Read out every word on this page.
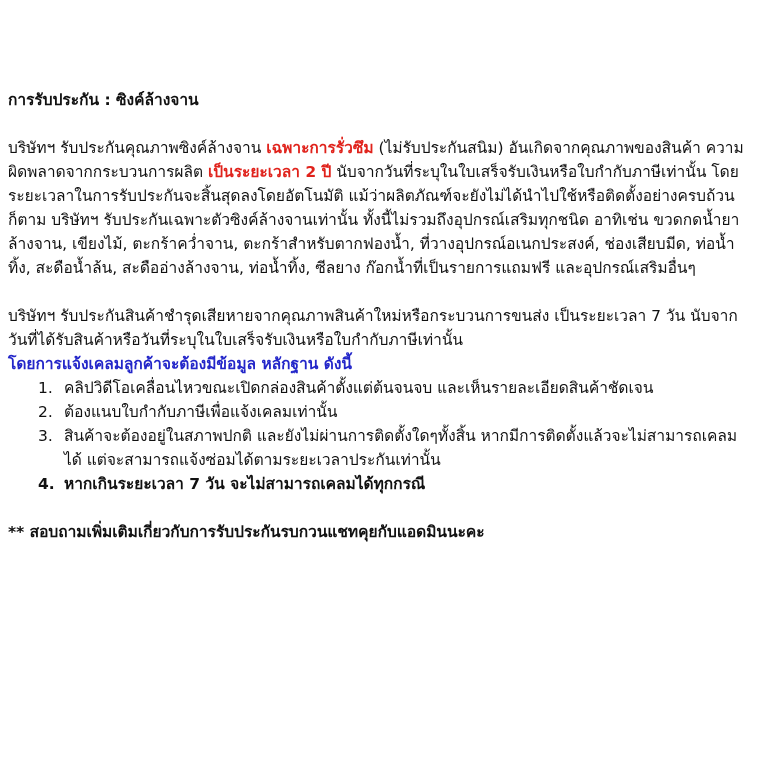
การรับประกัน : ซิงค์ล้างจาน

บริษัทฯ รับประกันคุณภาพซิงค์ล้างจาน เฉพาะการรั่วซึม (ไม่รับประกันสนิม) อันเกิดจากคุณภาพของสินค้า ความผิดพลาดจากกระบวนการผลิต เป็นระยะเวลา 2 ปี นับจากวันที่ระบุในใบเสร็จรับเงินหรือใบกำกับภาษีเท่านั้น โดยระยะเวลาในการรับประกันจะสิ้นสุดลงโดยอัตโนมัติ แม้ว่าผลิตภัณฑ์จะยังไม่ได้นำไปใช้หรือติดตั้งอย่างครบถ้วนก็ตาม บริษัทฯ รับประกันเฉพาะตัวซิงค์ล้างจานเท่านั้น ทั้งนี้ไม่รวมถึงอุปกรณ์เสริมทุกชนิด อาทิเช่น ขวดกดน้ำยาล้างจาน, เขียงไม้, ตะกร้าคว่ำจาน, ตะกร้าสำหรับตากฟองน้ำ, ที่วางอุปกรณ์อเนกประสงค์, ช่องเสียบมีด, ท่อน้ำทิ้ง, สะดือน้ำล้น, สะดืออ่างล้างจาน, ท่อน้ำทิ้ง, ซีลยาง ก๊อกน้ำที่เป็นรายการแถมฟรี และอุปกรณ์เสริมอื่นๆ

บริษัทฯ รับประกันสินค้าชำรุดเสียหายจากคุณภาพสินค้าใหม่หรือกระบวนการขนส่ง เป็นระยะเวลา 7 วัน นับจากวันที่ได้รับสินค้าหรือวันที่ระบุในใบเสร็จรับเงินหรือใบกำกับภาษีเท่านั้น

โดยการแจ้งเคลมลูกค้าจะต้องมีข้อมูล หลักฐาน ดังนี้

1. คลิปวิดีโอเคลื่อนไหวขณะเปิดกล่องสินค้าตั้งแต่ต้นจนจบ และเห็นรายละเอียดสินค้าชัดเจน
2. ต้องแนบใบกำกับภาษีเพื่อแจ้งเคลมเท่านั้น
3. สินค้าจะต้องอยู่ในสภาพปกติ และยังไม่ผ่านการติดตั้งใดๆทั้งสิ้น หากมีการติดตั้งแล้วจะไม่สามารถเคลมได้ แต่จะสามารถแจ้งซ่อมได้ตามระยะเวลาประกันเท่านั้น
4. หากเกินระยะเวลา 7 วัน จะไม่สามารถเคลมได้ทุกกรณี

** สอบถามเพิ่มเติมเกี่ยวกับการรับประกันรบกวนแชทคุยกับแอดมินนะคะ
